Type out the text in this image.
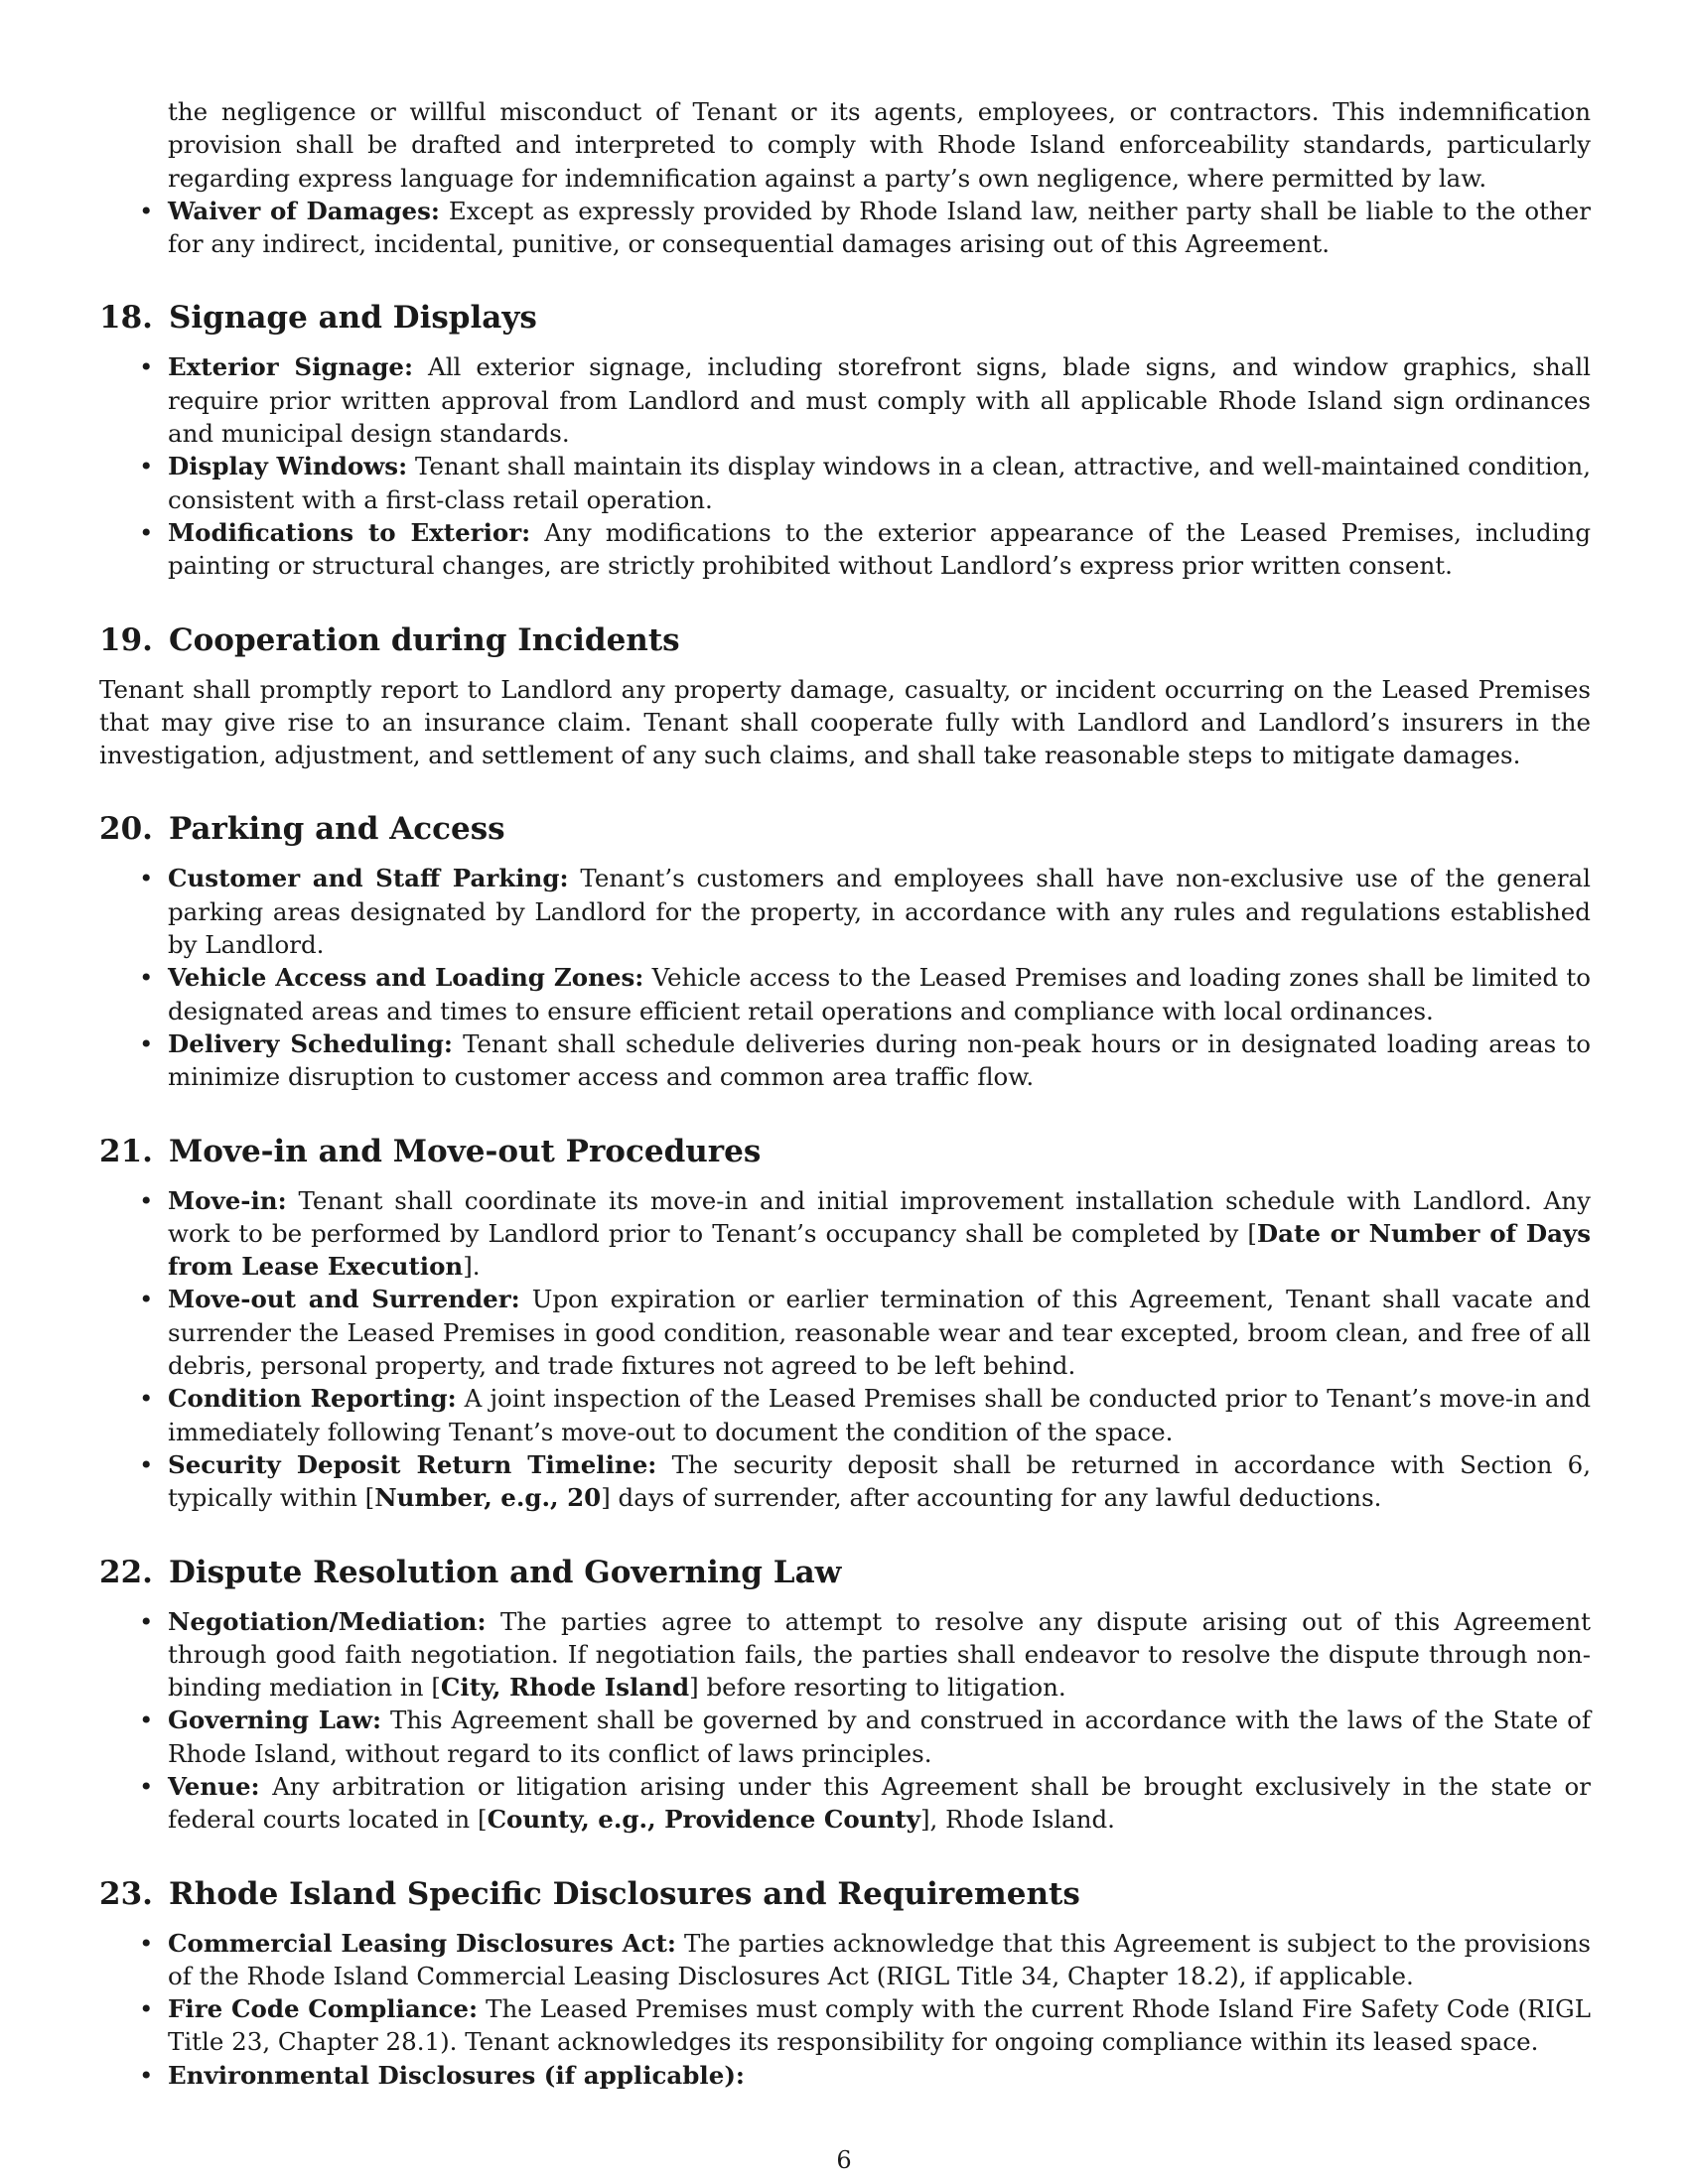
the negligence or willful misconduct of Tenant or its agents, employees, or contractors. This indemnification provision shall be drafted and interpreted to comply with Rhode Island enforceability standards, particularly regarding express language for indemnification against a party’s own negligence, where permitted by law.
• Waiver of Damages: Except as expressly provided by Rhode Island law, neither party shall be liable to the other for any indirect, incidental, punitive, or consequential damages arising out of this Agreement.
18. Signage and Displays
• Exterior Signage: All exterior signage, including storefront signs, blade signs, and window graphics, shall require prior written approval from Landlord and must comply with all applicable Rhode Island sign ordinances and municipal design standards.
• Display Windows: Tenant shall maintain its display windows in a clean, attractive, and well-maintained condition, consistent with a first-class retail operation.
• Modifications to Exterior: Any modifications to the exterior appearance of the Leased Premises, including painting or structural changes, are strictly prohibited without Landlord’s express prior written consent.
19. Cooperation during Incidents

Tenant shall promptly report to Landlord any property damage, casualty, or incident occurring on the Leased Premises that may give rise to an insurance claim. Tenant shall cooperate fully with Landlord and Landlord’s insurers in the investigation, adjustment, and settlement of any such claims, and shall take reasonable steps to mitigate damages.

20. Parking and Access
• Customer and Staff Parking: Tenant’s customers and employees shall have non-exclusive use of the general parking areas designated by Landlord for the property, in accordance with any rules and regulations established by Landlord.
• Vehicle Access and Loading Zones: Vehicle access to the Leased Premises and loading zones shall be limited to designated areas and times to ensure efficient retail operations and compliance with local ordinances.
• Delivery Scheduling: Tenant shall schedule deliveries during non-peak hours or in designated loading areas to minimize disruption to customer access and common area traffic flow.
21. Move-in and Move-out Procedures
• Move-in: Tenant shall coordinate its move-in and initial improvement installation schedule with Landlord. Any work to be performed by Landlord prior to Tenant’s occupancy shall be completed by [Date or Number of Days from Lease Execution].
• Move-out and Surrender: Upon expiration or earlier termination of this Agreement, Tenant shall vacate and surrender the Leased Premises in good condition, reasonable wear and tear excepted, broom clean, and free of all debris, personal property, and trade fixtures not agreed to be left behind.
• Condition Reporting: A joint inspection of the Leased Premises shall be conducted prior to Tenant’s move-in and immediately following Tenant’s move-out to document the condition of the space.
• Security Deposit Return Timeline: The security deposit shall be returned in accordance with Section 6, typically within [Number, e.g., 20] days of surrender, after accounting for any lawful deductions.
22. Dispute Resolution and Governing Law
• Negotiation/Mediation: The parties agree to attempt to resolve any dispute arising out of this Agreement through good faith negotiation. If negotiation fails, the parties shall endeavor to resolve the dispute through non-binding mediation in [City, Rhode Island] before resorting to litigation.
• Governing Law: This Agreement shall be governed by and construed in accordance with the laws of the State of Rhode Island, without regard to its conflict of laws principles.
• Venue: Any arbitration or litigation arising under this Agreement shall be brought exclusively in the state or federal courts located in [County, e.g., Providence County], Rhode Island.
23. Rhode Island Specific Disclosures and Requirements
• Commercial Leasing Disclosures Act: The parties acknowledge that this Agreement is subject to the provisions of the Rhode Island Commercial Leasing Disclosures Act (RIGL Title 34, Chapter 18.2), if applicable.
• Fire Code Compliance: The Leased Premises must comply with the current Rhode Island Fire Safety Code (RIGL Title 23, Chapter 28.1). Tenant acknowledges its responsibility for ongoing compliance within its leased space.
• Environmental Disclosures (if applicable):
6
